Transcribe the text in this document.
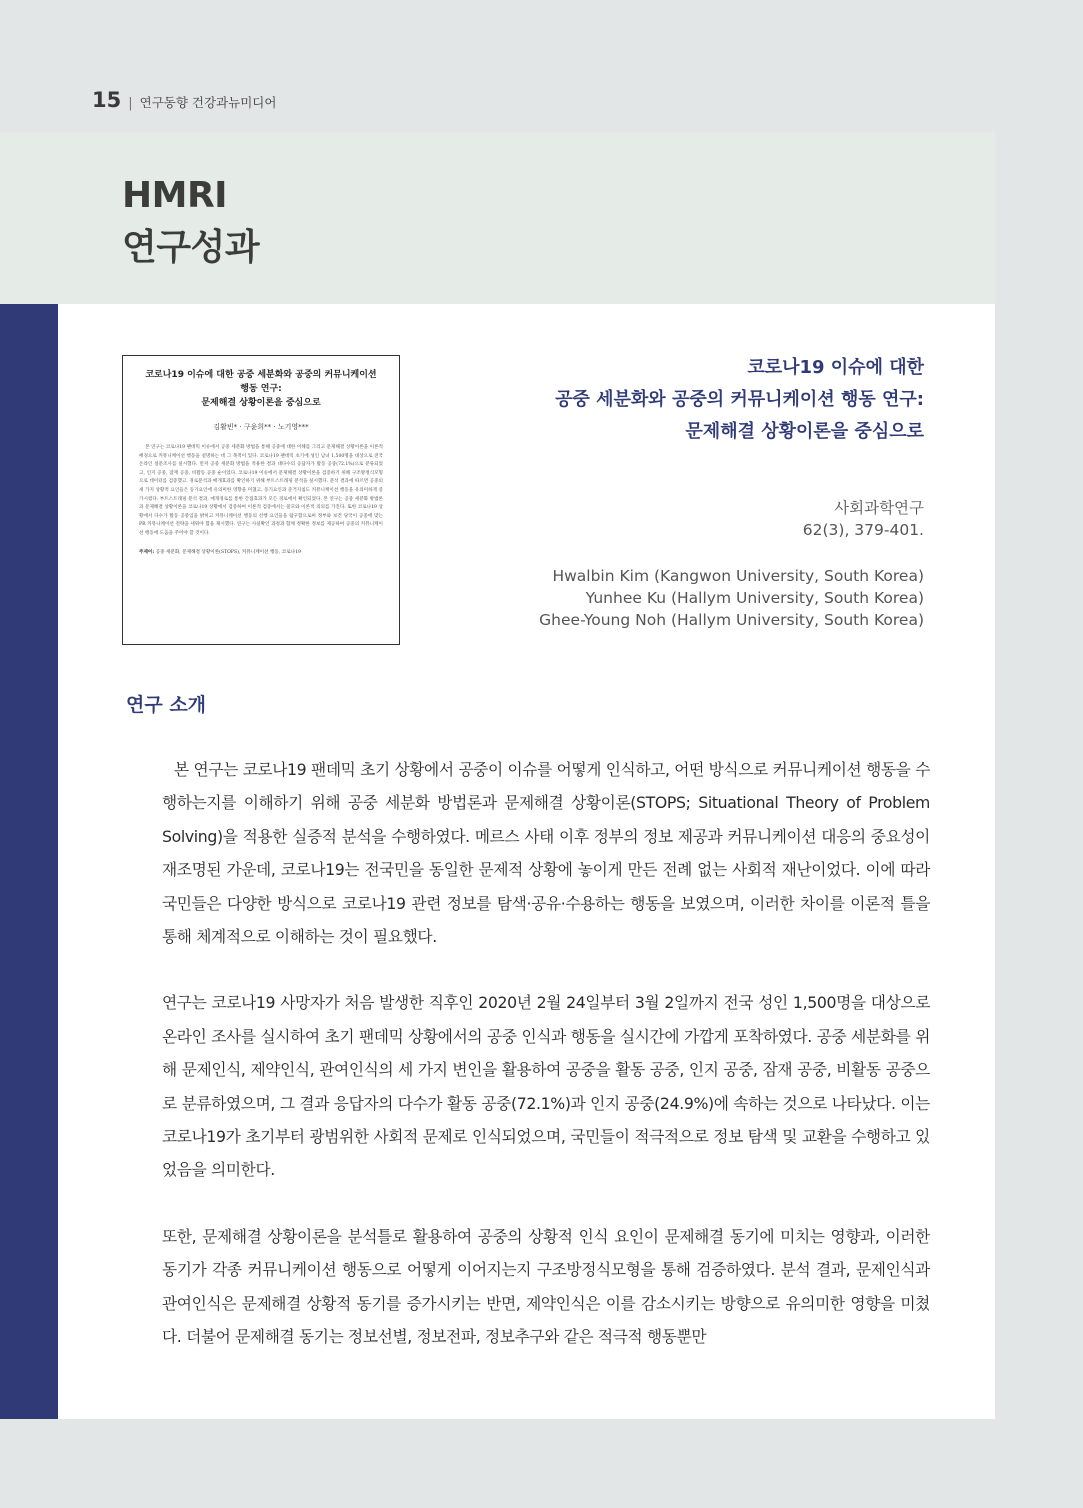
15 | 연구동향 건강과뉴미디어
HMRI
연구성과
코로나19 이슈에 대한 공중 세분화와 공중의 커뮤니케이션
행동 연구:
문제해결 상황이론을 중심으로
김활빈* · 구윤희** · 노기영***
본 연구는 코로나19 팬데믹 이슈에서 공중 세분화 방법을 통해 공중에 대한 이해를 그리고 문제해결 상황이론을 이론적 배경으로 커뮤니케이션 행동을 설명하는 데 그 목적이 있다. 코로나19 팬데믹 초기에 성인 남녀 1,500명을 대상으로 전국 온라인 설문조사를 실시했다. 먼저 공중 세분화 방법을 적용한 결과 대다수의 응답자가 활동 공중(72.1%)으로 분류되었고, 인지 공중, 잠재 공중, 비활동 공중 순이었다. 코로나19 이슈에서 문제해결 상황이론을 검증하기 위해 구조방정식모형으로 데이터를 검증했고, 경로분석과 매개효과를 확인하기 위해 부트스트래핑 분석을 실시했다. 분석 결과에 따르면 공중의 세 가지 상황적 요인들은 동기요인에 유의미한 영향을 미쳤고, 동기요인과 준거지침도 커뮤니케이션 행동을 유의미하게 증가시켰다. 부트스트래핑 분석 결과, 매개경로를 통한 간접효과가 모든 경로에서 확인되었다. 본 연구는 공중 세분화 방법론과 문제해결 상황이론을 코로나19 상황에서 검증하여 이론적 검증에서는 쓸모와 이론적 의의를 가진다. 또한 코로나19 상황에서 다수가 활동 공중임을 밝히고 커뮤니케이션 행동의 선행 요인들을 탐구함으로써 정부와 보건 당국이 공중에 맞는 PR 커뮤니케이션 전략을 세워야 함을 제시했다. 연구는 사실확인 과정과 함께 정확한 정보를 제공하여 공중의 커뮤니케이션 행동에 도움을 주어야 할 것이다.
주제어: 공중 세분화, 문제해결 상황이론(STOPS), 커뮤니케이션 행동, 코로나19
코로나19 이슈에 대한
공중 세분화와 공중의 커뮤니케이션 행동 연구:
문제해결 상황이론을 중심으로
사회과학연구
62(3), 379-401.
Hwalbin Kim (Kangwon University, South Korea)
Yunhee Ku (Hallym University, South Korea)
Ghee-Young Noh (Hallym University, South Korea)
연구 소개

본 연구는 코로나19 팬데믹 초기 상황에서 공중이 이슈를 어떻게 인식하고, 어떤 방식으로 커뮤니케이션 행동을 수행하는지를 이해하기 위해 공중 세분화 방법론과 문제해결 상황이론(STOPS; Situational Theory of Problem Solving)을 적용한 실증적 분석을 수행하였다. 메르스 사태 이후 정부의 정보 제공과 커뮤니케이션 대응의 중요성이 재조명된 가운데, 코로나19는 전국민을 동일한 문제적 상황에 놓이게 만든 전례 없는 사회적 재난이었다. 이에 따라 국민들은 다양한 방식으로 코로나19 관련 정보를 탐색·공유·수용하는 행동을 보였으며, 이러한 차이를 이론적 틀을 통해 체계적으로 이해하는 것이 필요했다.

연구는 코로나19 사망자가 처음 발생한 직후인 2020년 2월 24일부터 3월 2일까지 전국 성인 1,500명을 대상으로 온라인 조사를 실시하여 초기 팬데믹 상황에서의 공중 인식과 행동을 실시간에 가깝게 포착하였다. 공중 세분화를 위해 문제인식, 제약인식, 관여인식의 세 가지 변인을 활용하여 공중을 활동 공중, 인지 공중, 잠재 공중, 비활동 공중으로 분류하였으며, 그 결과 응답자의 다수가 활동 공중(72.1%)과 인지 공중(24.9%)에 속하는 것으로 나타났다. 이는 코로나19가 초기부터 광범위한 사회적 문제로 인식되었으며, 국민들이 적극적으로 정보 탐색 및 교환을 수행하고 있었음을 의미한다.

또한, 문제해결 상황이론을 분석틀로 활용하여 공중의 상황적 인식 요인이 문제해결 동기에 미치는 영향과, 이러한 동기가 각종 커뮤니케이션 행동으로 어떻게 이어지는지 구조방정식모형을 통해 검증하였다. 분석 결과, 문제인식과 관여인식은 문제해결 상황적 동기를 증가시키는 반면, 제약인식은 이를 감소시키는 방향으로 유의미한 영향을 미쳤다. 더불어 문제해결 동기는 정보선별, 정보전파, 정보추구와 같은 적극적 행동뿐만
